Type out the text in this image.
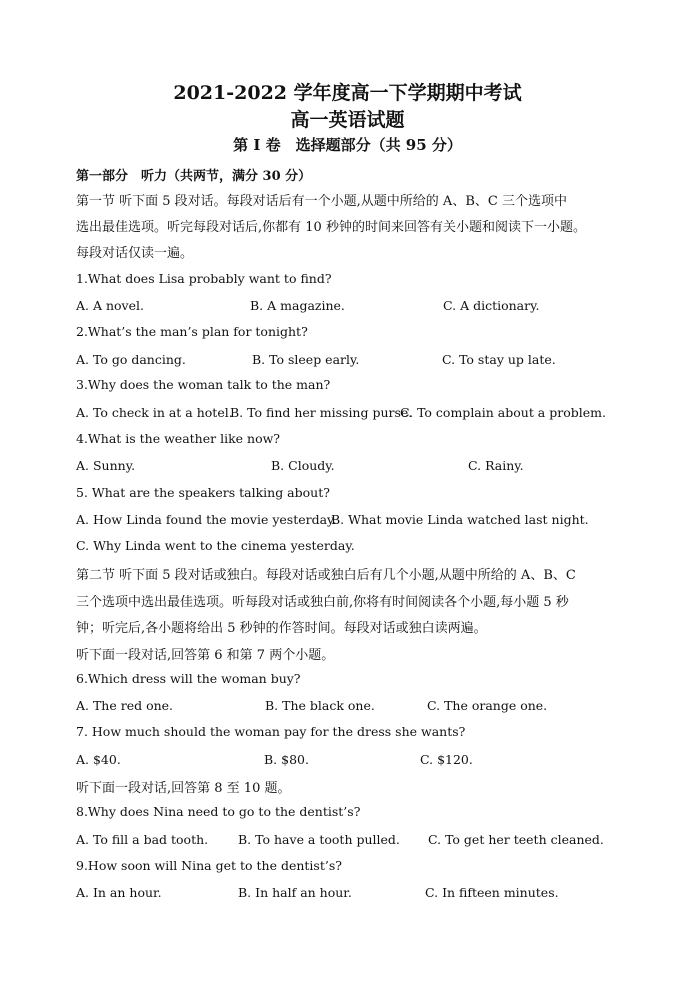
2021-2022 学年度高一下学期期中考试
高一英语试题
第 I 卷　选择题部分（共 95 分）
第一部分　听力（共两节，满分 30 分）
第一节 听下面 5 段对话。每段对话后有一个小题,从题中所给的 A、B、C 三个选项中
选出最佳选项。听完每段对话后,你都有 10 秒钟的时间来回答有关小题和阅读下一小题。
每段对话仅读一遍。
1.What does Lisa probably want to find?
A. A novel.	B. A magazine.	C. A dictionary.
2.What’s the man’s plan for tonight?
A. To go dancing.	B. To sleep early.	C. To stay up late.
3.Why does the woman talk to the man?
A. To check in at a hotel.
B. To find her missing purse.
C. To complain about a problem.
4.What is the weather like now?
A. Sunny.	B. Cloudy.	C. Rainy.
5. What are the speakers talking about?
A. How Linda found the movie yesterday.
B. What movie Linda watched last night.
C. Why Linda went to the cinema yesterday.
第二节 听下面 5 段对话或独白。每段对话或独白后有几个小题,从题中所给的 A、B、C
三个选项中选出最佳选项。听每段对话或独白前,你将有时间阅读各个小题,每小题 5 秒
钟；听完后,各小题将给出 5 秒钟的作答时间。每段对话或独白读两遍。
听下面一段对话,回答第 6 和第 7 两个小题。
6.Which dress will the woman buy?
A. The red one.	B. The black one.	C. The orange one.
7. How much should the woman pay for the dress she wants?
A. $40.	B. $80.	C. $120.
听下面一段对话,回答第 8 至 10 题。
8.Why does Nina need to go to the dentist’s?
A. To fill a bad tooth. B. To have a tooth pulled. C. To get her teeth cleaned.
9.How soon will Nina get to the dentist’s?
A. In an hour.	B. In half an hour.	C. In fifteen minutes.
